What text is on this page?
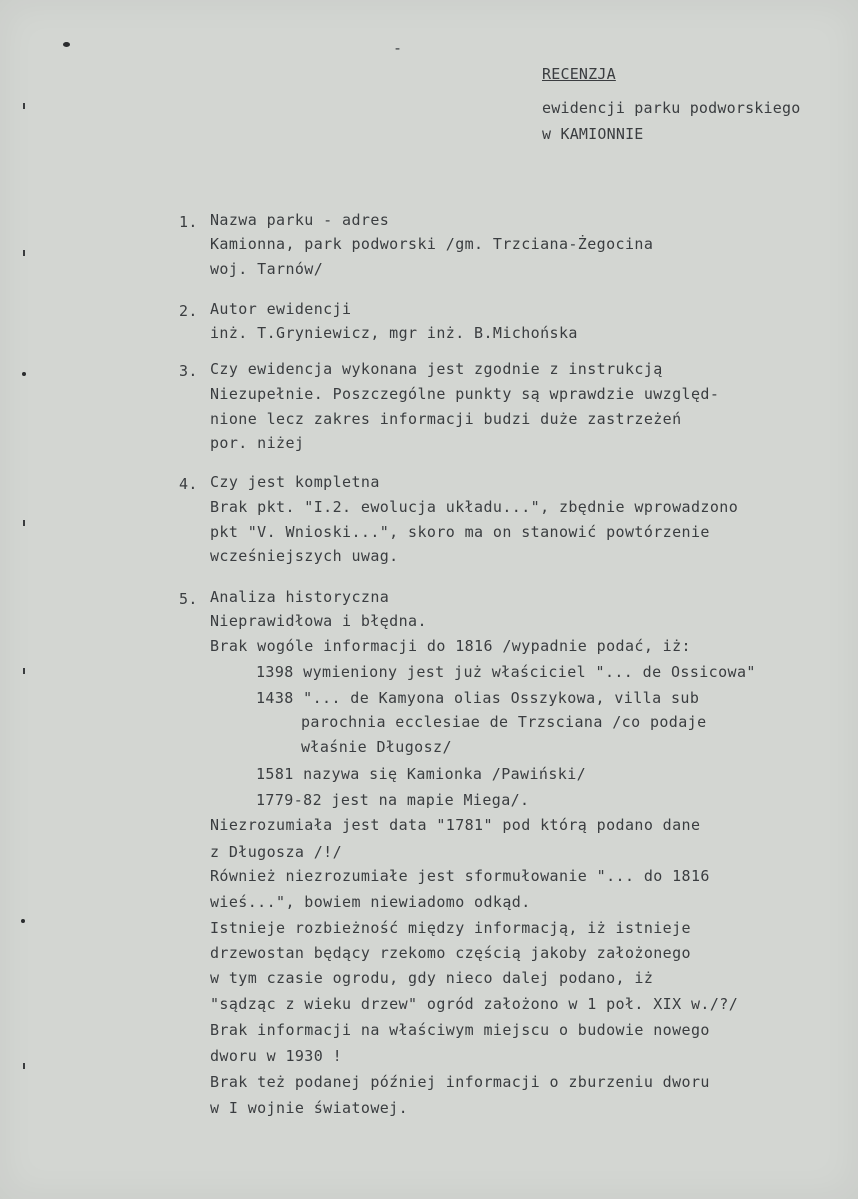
-
RECENZJA
ewidencji parku podworskiego
w KAMIONNIE
1. Nazwa parku - adres
Kamionna, park podworski /gm. Trzciana-Żegocina
woj. Tarnów/
2. Autor ewidencji
inż. T.Gryniewicz, mgr inż. B.Michońska
3. Czy ewidencja wykonana jest zgodnie z instrukcją
Niezupełnie. Poszczególne punkty są wprawdzie uwzględ-
nione lecz zakres informacji budzi duże zastrzeżeń
por. niżej
4. Czy jest kompletna
Brak pkt. "I.2. ewolucja układu...", zbędnie wprowadzono
pkt "V. Wnioski...", skoro ma on stanowić powtórzenie
wcześniejszych uwag.
5. Analiza historyczna
Nieprawidłowa i błędna.
Brak wogóle informacji do 1816 /wypadnie podać, iż:
1398 wymieniony jest już właściciel "... de Ossicowa"
1438 "... de Kamyona olias Osszykowa, villa sub
parochnia ecclesiae de Trzsciana /co podaje
właśnie Długosz/
1581 nazywa się Kamionka /Pawiński/
1779-82 jest na mapie Miega/.
Niezrozumiała jest data "1781" pod którą podano dane
z Długosza /!/
Również niezrozumiałe jest sformułowanie "... do 1816
wieś...", bowiem niewiadomo odkąd.
Istnieje rozbieżność między informacją, iż istnieje
drzewostan będący rzekomo częścią jakoby założonego
w tym czasie ogrodu, gdy nieco dalej podano, iż
"sądząc z wieku drzew" ogród założono w 1 poł. XIX w./?/
Brak informacji na właściwym miejscu o budowie nowego
dworu w 1930 !
Brak też podanej później informacji o zburzeniu dworu
w I wojnie światowej.
